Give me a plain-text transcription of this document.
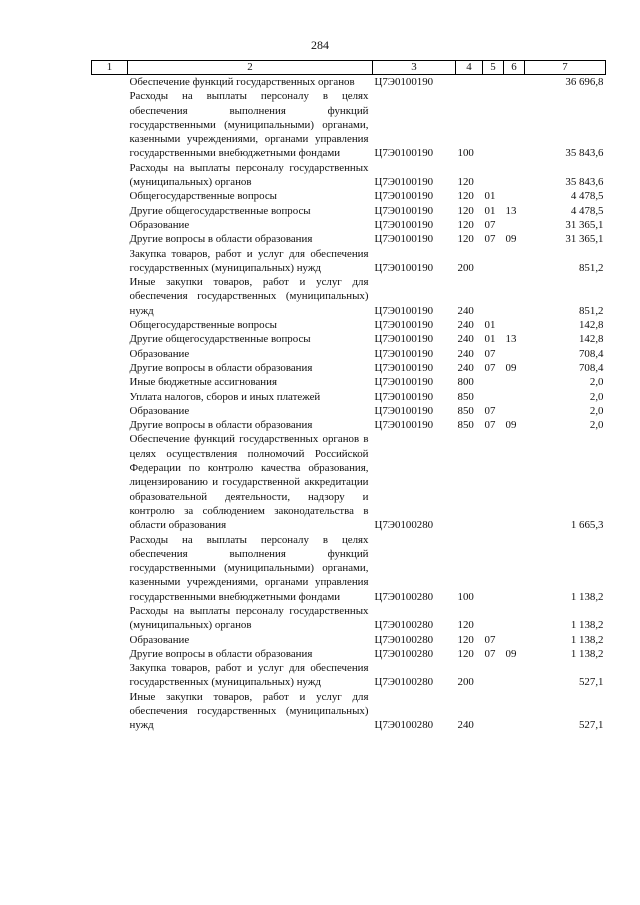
284
1	2	3	4	5	6	7
	Обеспечение функций государственных органов	Ц7Э0100190				36 696,8
	Расходы на выплаты персоналу в целях обеспечения выполнения функций государственными (муниципальными) органами, казенными учреждениями, органами управления государственными внебюджетными фондами	Ц7Э0100190	100			35 843,6
	Расходы на выплаты персоналу государственных (муниципальных) органов	Ц7Э0100190	120			35 843,6
	Общегосударственные вопросы	Ц7Э0100190	120	01		4 478,5
	Другие общегосударственные вопросы	Ц7Э0100190	120	01	13	4 478,5
	Образование	Ц7Э0100190	120	07		31 365,1
	Другие вопросы в области образования	Ц7Э0100190	120	07	09	31 365,1
	Закупка товаров, работ и услуг для обеспечения государственных (муниципальных) нужд	Ц7Э0100190	200			851,2
	Иные закупки товаров, работ и услуг для обеспечения государственных (муниципальных) нужд	Ц7Э0100190	240			851,2
	Общегосударственные вопросы	Ц7Э0100190	240	01		142,8
	Другие общегосударственные вопросы	Ц7Э0100190	240	01	13	142,8
	Образование	Ц7Э0100190	240	07		708,4
	Другие вопросы в области образования	Ц7Э0100190	240	07	09	708,4
	Иные бюджетные ассигнования	Ц7Э0100190	800			2,0
	Уплата налогов, сборов и иных платежей	Ц7Э0100190	850			2,0
	Образование	Ц7Э0100190	850	07		2,0
	Другие вопросы в области образования	Ц7Э0100190	850	07	09	2,0
	Обеспечение функций государственных органов в целях осуществления полномочий Российской Федерации по контролю качества образования, лицензированию и государственной аккредитации образовательной деятельности, надзору и контролю за соблюдением законодательства в области образования	Ц7Э0100280				1 665,3
	Расходы на выплаты персоналу в целях обеспечения выполнения функций государственными (муниципальными) органами, казенными учреждениями, органами управления государственными внебюджетными фондами	Ц7Э0100280	100			1 138,2
	Расходы на выплаты персоналу государственных (муниципальных) органов	Ц7Э0100280	120			1 138,2
	Образование	Ц7Э0100280	120	07		1 138,2
	Другие вопросы в области образования	Ц7Э0100280	120	07	09	1 138,2
	Закупка товаров, работ и услуг для обеспечения государственных (муниципальных) нужд	Ц7Э0100280	200			527,1
	Иные закупки товаров, работ и услуг для обеспечения государственных (муниципальных) нужд	Ц7Э0100280	240			527,1
